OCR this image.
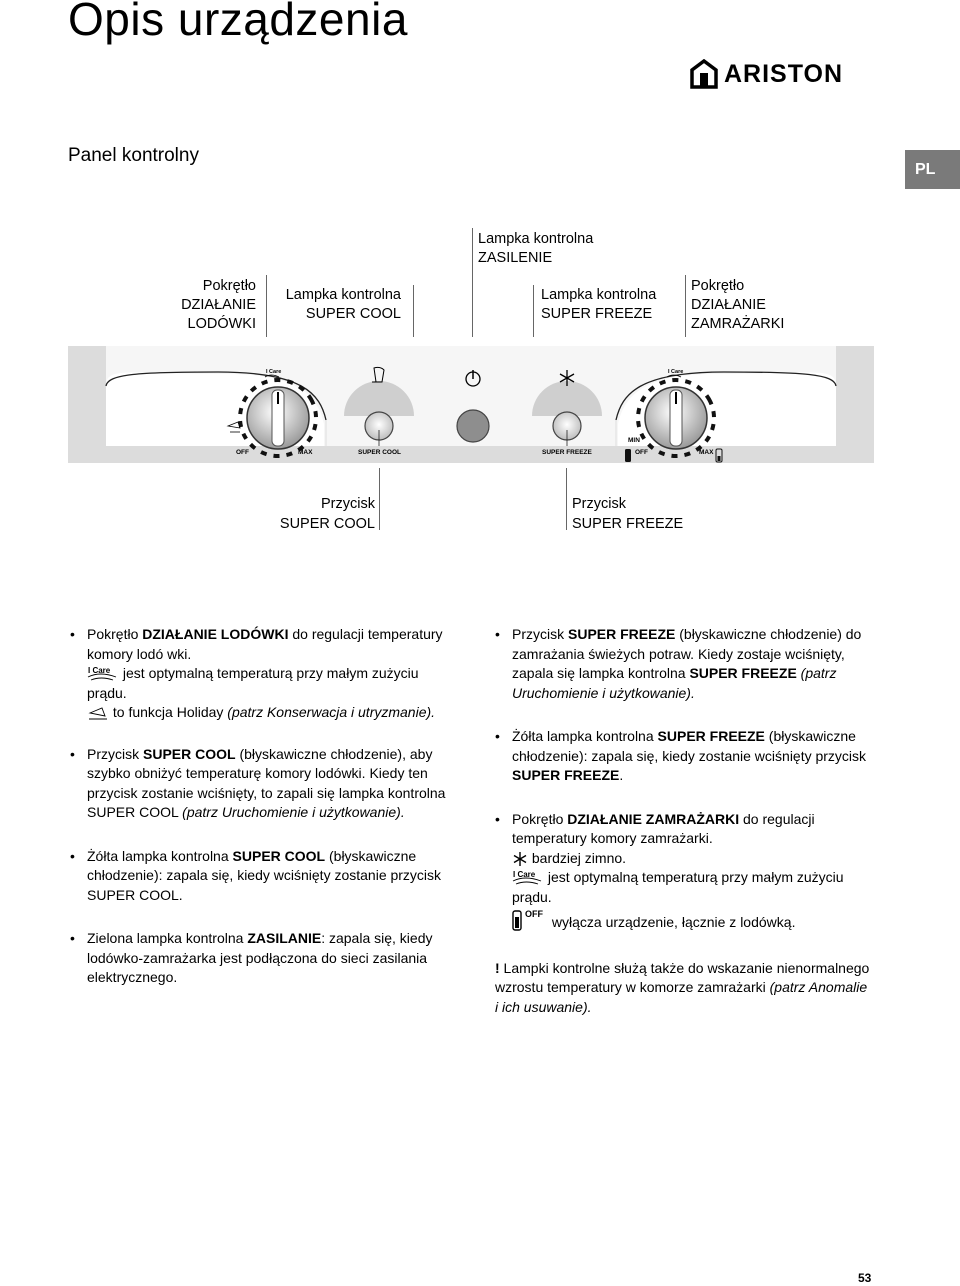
Opis urządzenia
ARISTON
Panel kontrolny
PL
Pokrętło
DZIAŁANIE
LODÓWKI
Lampka kontrolna
SUPER COOL
Lampka kontrolna
ZASILENIE
Lampka kontrolna
SUPER FREEZE
Pokrętło
DZIAŁANIE
ZAMRAŻARKI
I Care
OFF	MAX	SUPER COOL	SUPER FREEZE
I Care
MIN
OFF	MAX
Przycisk
SUPER COOL
Przycisk
SUPER FREEZE
• Pokrętło DZIAŁANIE LODÓWKI do regulacji temperatury komory lodó wki.

I Care jest optymalną temperaturą przy małym zużyciu prądu.
to funkcja Holiday (patrz Konserwacja i utryzmanie).
• Przycisk SUPER COOL (błyskawiczne chłodzenie), aby szybko obniżyć temperaturę komory lodówki. Kiedy ten przycisk zostanie wciśnięty, to zapali się lampka kontrolna SUPER COOL (patrz Uruchomienie i użytkowanie).
• Żółta lampka kontrolna SUPER COOL (błyskawiczne chłodzenie): zapala się, kiedy wciśnięty zostanie przycisk SUPER COOL.
• Zielona lampka kontrolna ZASILANIE: zapala się, kiedy lodówko-zamrażarka jest podłączona do sieci zasilania elektrycznego.
• Przycisk SUPER FREEZE (błyskawiczne chłodzenie) do zamrażania świeżych potraw. Kiedy zostaje wciśnięty, zapala się lampka kontrolna SUPER FREEZE (patrz Uruchomienie i użytkowanie).
• Żółta lampka kontrolna SUPER FREEZE (błyskawiczne chłodzenie): zapala się, kiedy zostanie wciśnięty przycisk SUPER FREEZE.
• Pokrętło DZIAŁANIE ZAMRAŻARKI do regulacji temperatury komory zamrażarki.
bardziej zimno.

I Care jest optymalną temperaturą przy małym zużyciu prądu.

OFF wyłącza urządzenie, łącznie z lodówką.
! Lampki kontrolne służą także do wskazanie nienormalnego wzrostu temperatury w komorze zamrażarki (patrz Anomalie i ich usuwanie).
53
